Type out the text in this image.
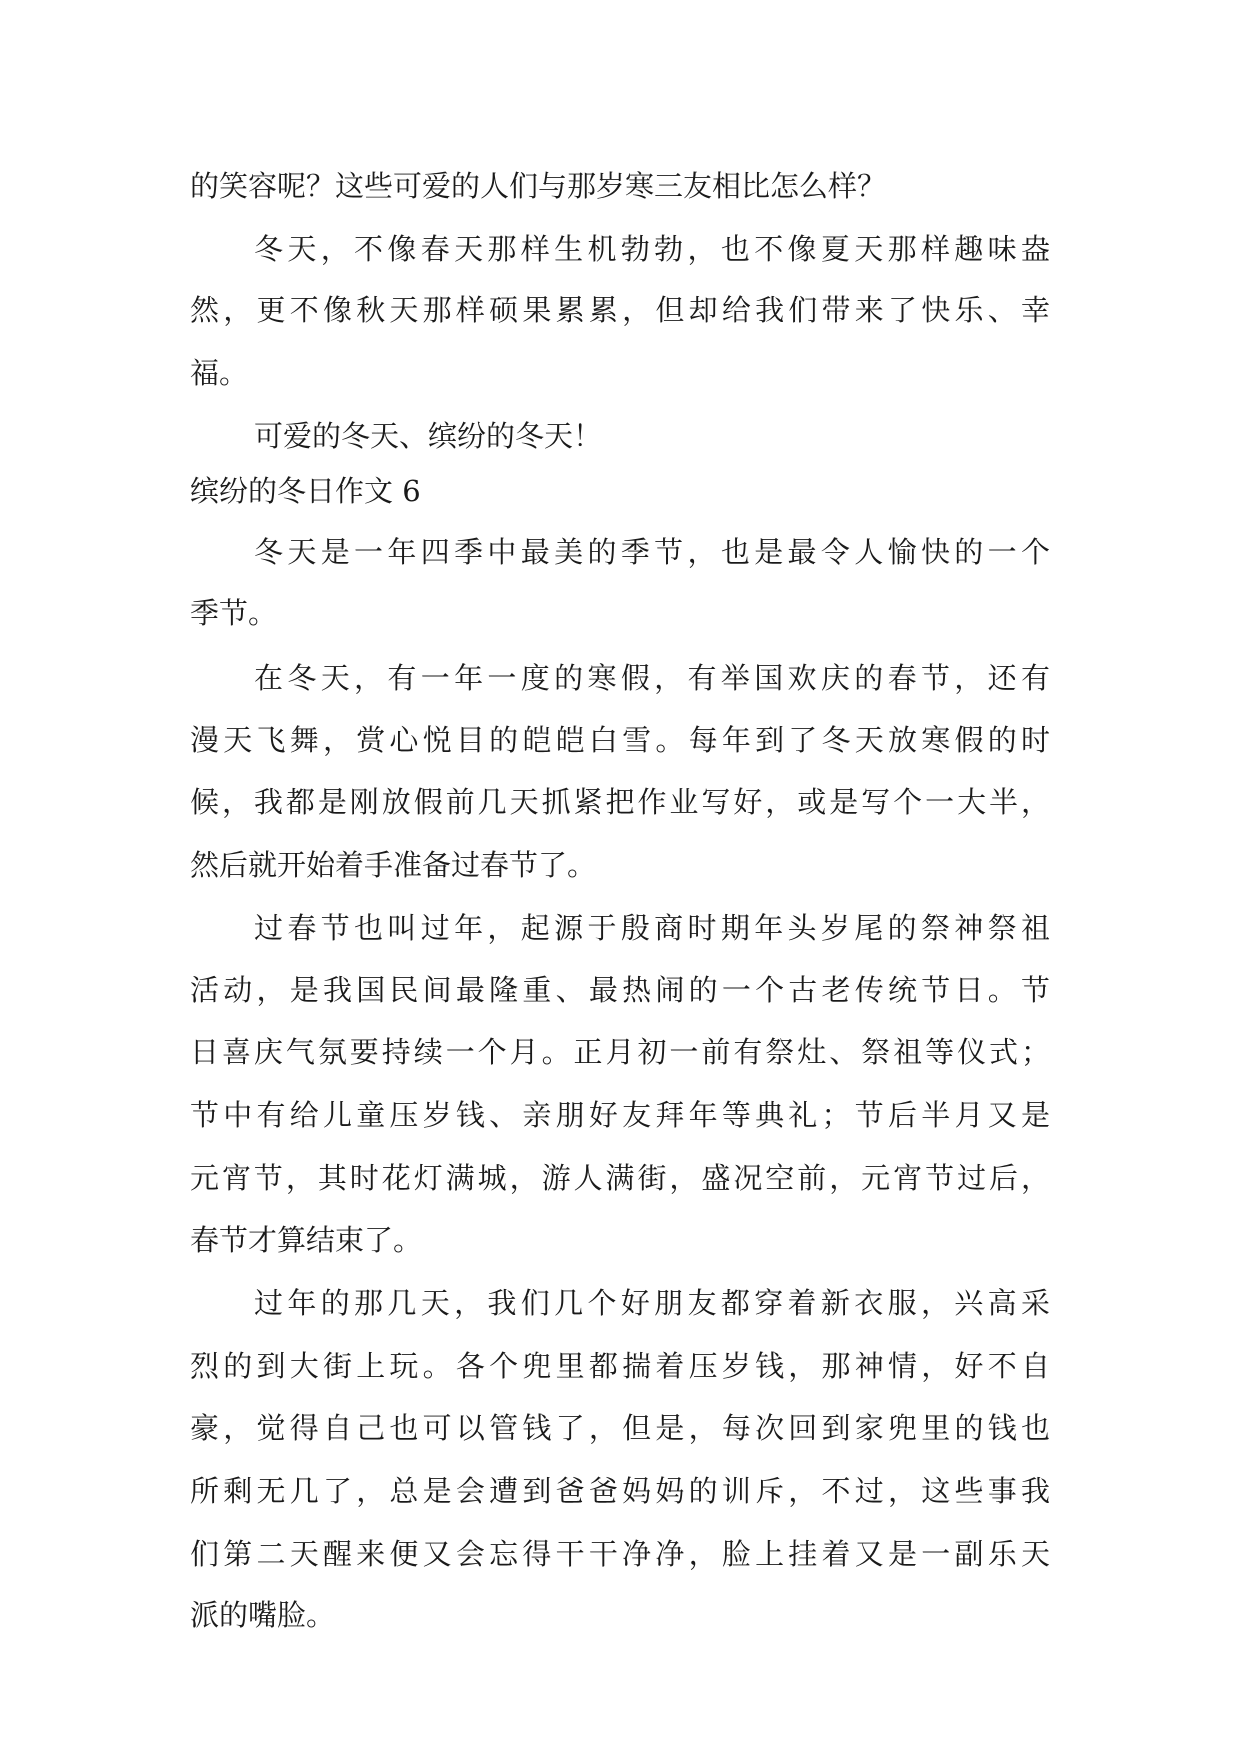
的笑容呢？这些可爱的人们与那岁寒三友相比怎么样？
冬天，不像春天那样生机勃勃，也不像夏天那样趣味盎
然，更不像秋天那样硕果累累，但却给我们带来了快乐、幸
福。
可爱的冬天、缤纷的冬天！
缤纷的冬日作文 6
冬天是一年四季中最美的季节，也是最令人愉快的一个
季节。
在冬天，有一年一度的寒假，有举国欢庆的春节，还有
漫天飞舞，赏心悦目的皑皑白雪。每年到了冬天放寒假的时
候，我都是刚放假前几天抓紧把作业写好，或是写个一大半，
然后就开始着手准备过春节了。
过春节也叫过年，起源于殷商时期年头岁尾的祭神祭祖
活动，是我国民间最隆重、最热闹的一个古老传统节日。节
日喜庆气氛要持续一个月。正月初一前有祭灶、祭祖等仪式；
节中有给儿童压岁钱、亲朋好友拜年等典礼；节后半月又是
元宵节，其时花灯满城，游人满街，盛况空前，元宵节过后，
春节才算结束了。
过年的那几天，我们几个好朋友都穿着新衣服，兴高采
烈的到大街上玩。各个兜里都揣着压岁钱，那神情，好不自
豪，觉得自己也可以管钱了，但是，每次回到家兜里的钱也
所剩无几了，总是会遭到爸爸妈妈的训斥，不过，这些事我
们第二天醒来便又会忘得干干净净，脸上挂着又是一副乐天
派的嘴脸。
